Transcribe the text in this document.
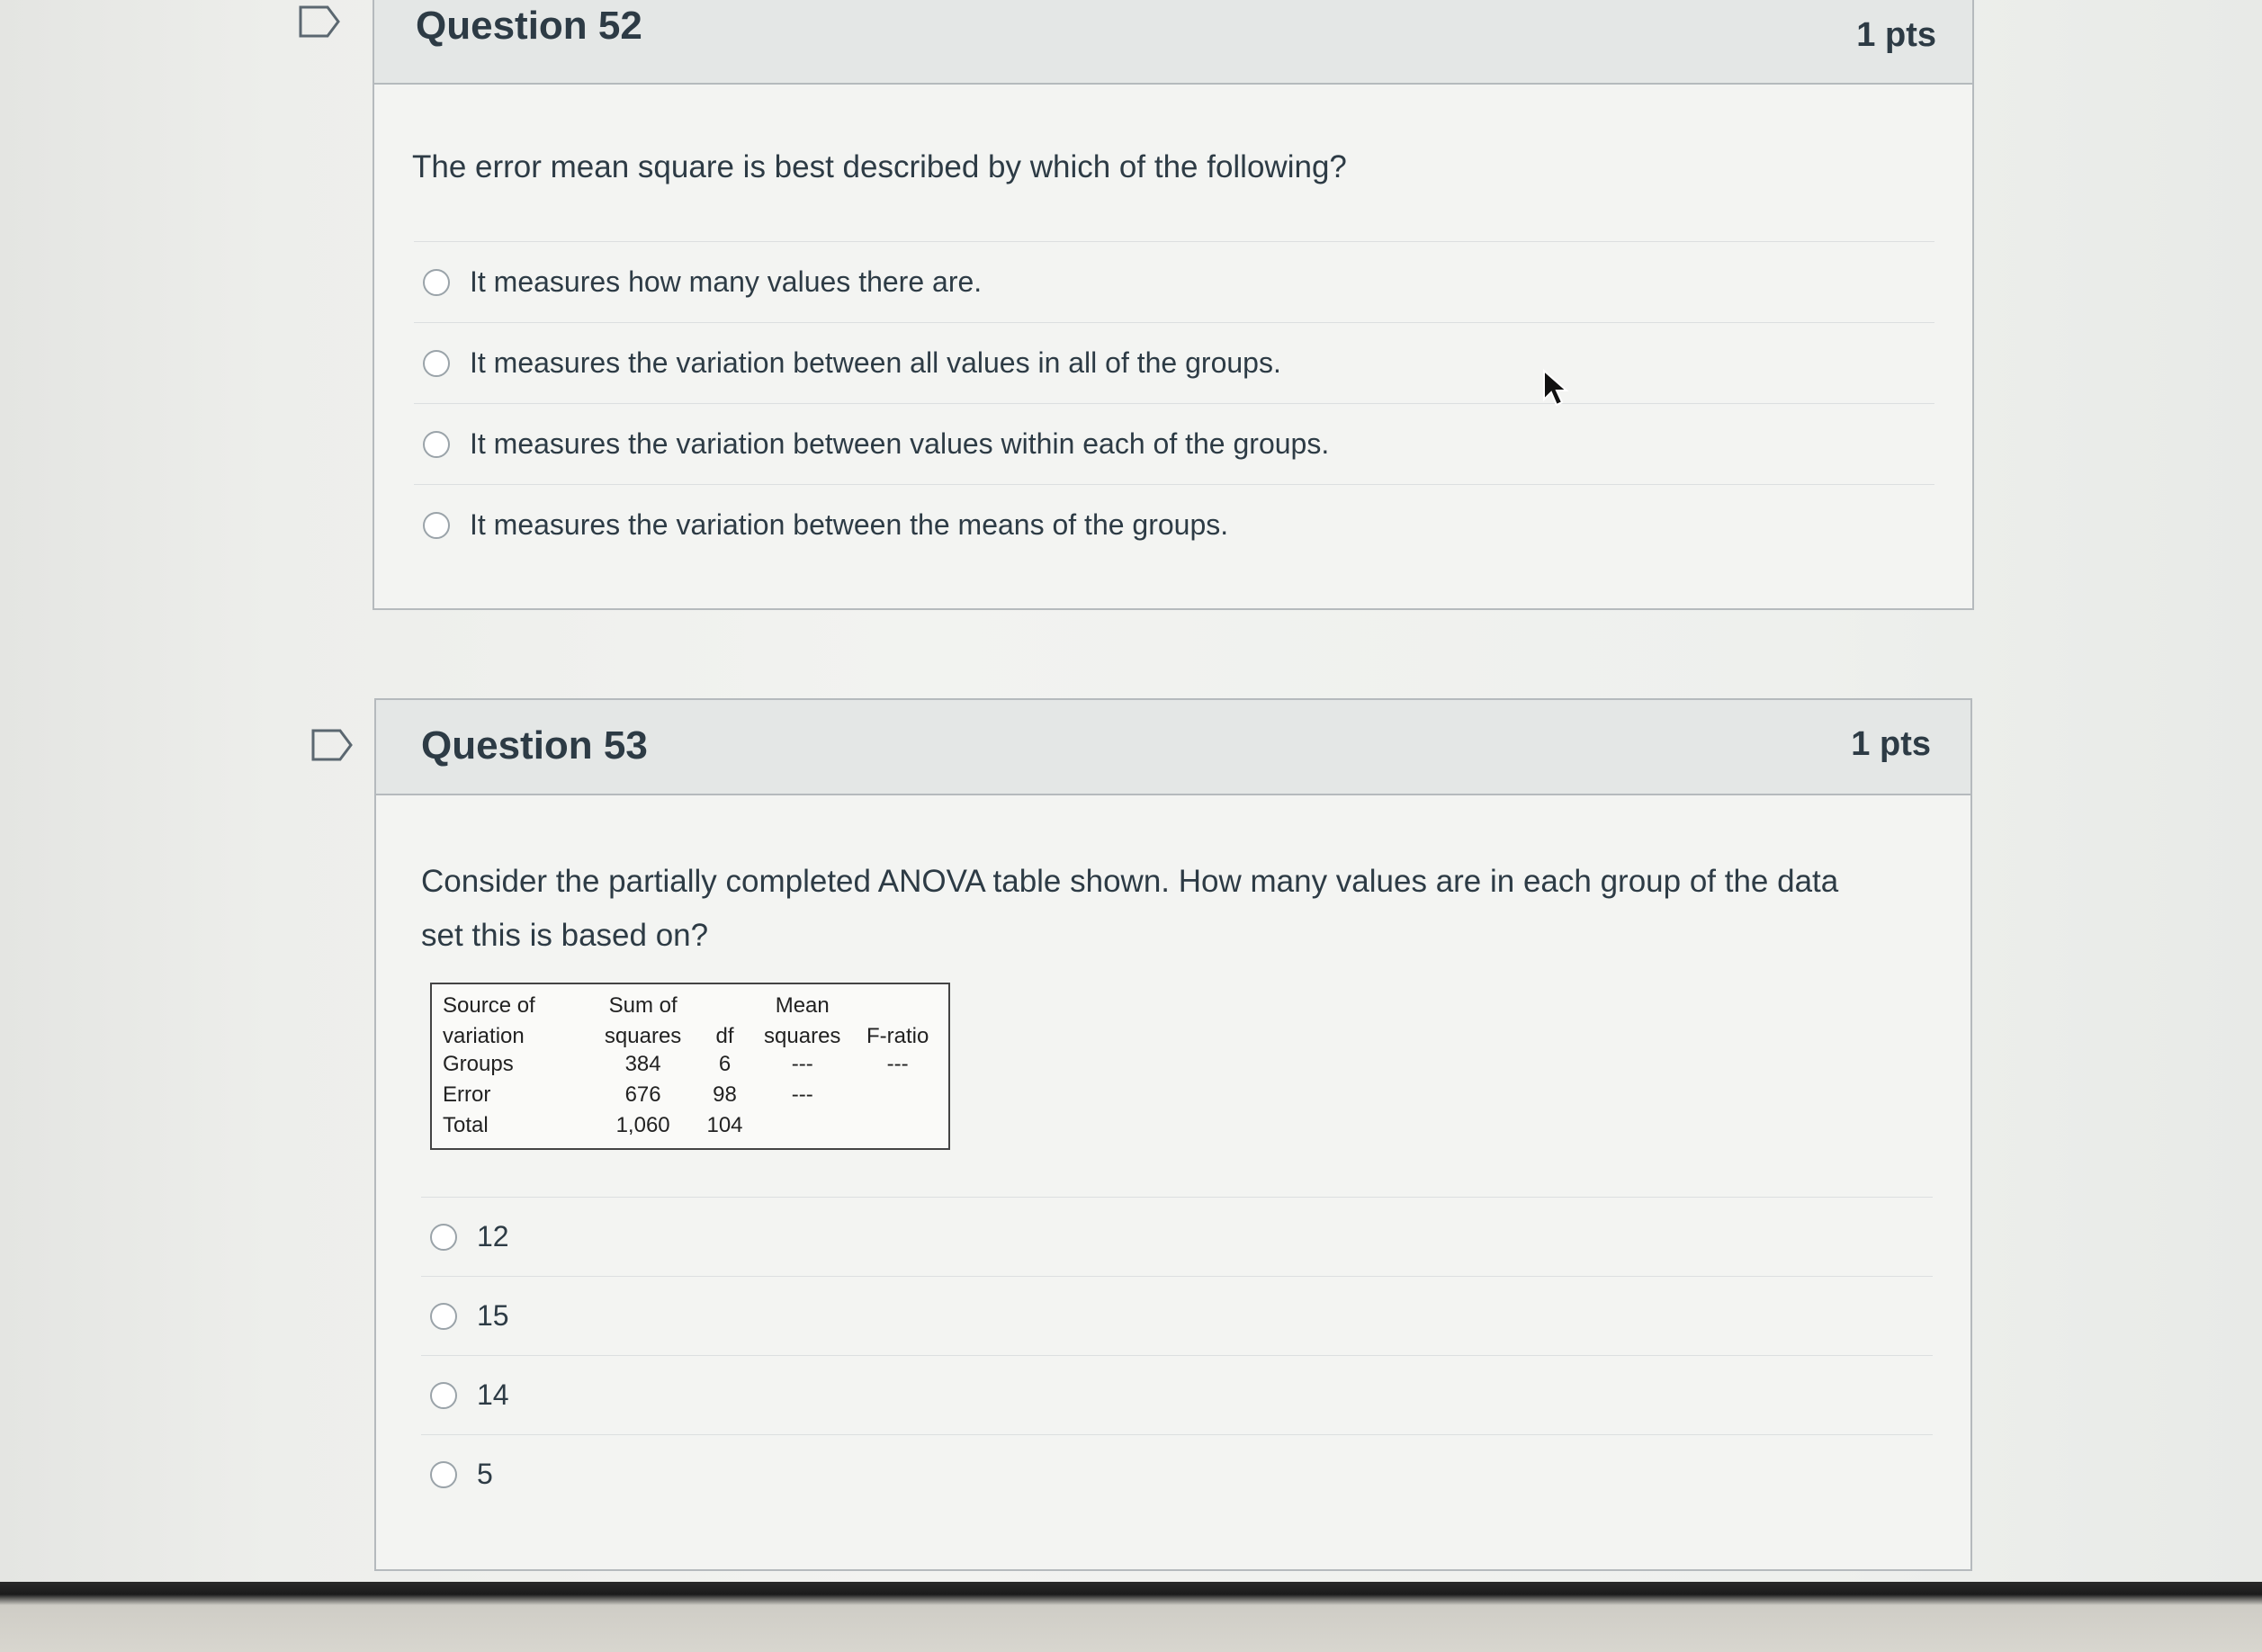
Question 52	1 pts
The error mean square is best described by which of the following?
It measures how many values there are.
It measures the variation between all values in all of the groups.
It measures the variation between values within each of the groups.
It measures the variation between the means of the groups.
Question 53	1 pts
Consider the partially completed ANOVA table shown. How many values are in each group of the data
set this is based on?
Source of	Sum of		Mean	
variation	squares	df	squares	F-ratio
Groups	384	6	---	---
Error	676	98	---	
Total	1,060	104		
12
15
14
5
